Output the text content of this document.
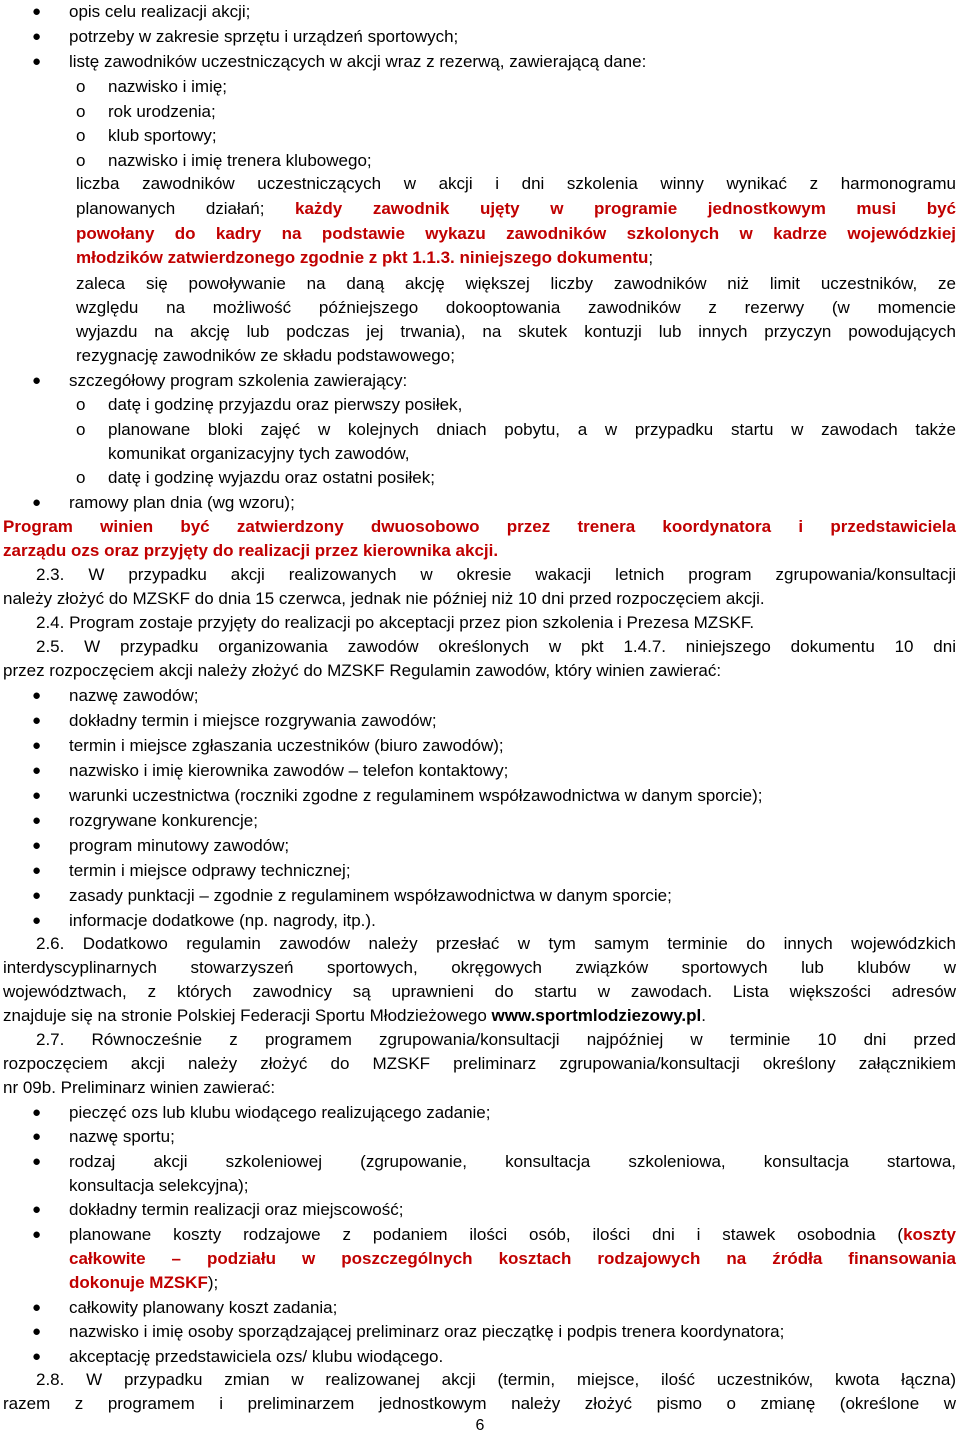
● opis celu realizacji akcji;
● potrzeby w zakresie sprzętu i urządzeń sportowych;
● listę zawodników uczestniczących w akcji wraz z rezerwą, zawierającą dane:
o nazwisko i imię;
o rok urodzenia;
o klub sportowy;
o nazwisko i imię trenera klubowego;
liczba zawodników uczestniczących w akcji i dni szkolenia winny wynikać z harmonogramu
planowanych działań; każdy zawodnik ujęty w programie jednostkowym musi być
powołany do kadry na podstawie wykazu zawodników szkolonych w kadrze wojewódzkiej
młodzików zatwierdzonego zgodnie z pkt 1.1.3. niniejszego dokumentu;
zaleca się powoływanie na daną akcję większej liczby zawodników niż limit uczestników, ze
względu na możliwość późniejszego dokooptowania zawodników z rezerwy (w momencie
wyjazdu na akcję lub podczas jej trwania), na skutek kontuzji lub innych przyczyn powodujących
rezygnację zawodników ze składu podstawowego;
● szczegółowy program szkolenia zawierający:
o datę i godzinę przyjazdu oraz pierwszy posiłek,
o planowane bloki zajęć w kolejnych dniach pobytu, a w przypadku startu w zawodach także
komunikat organizacyjny tych zawodów,
o datę i godzinę wyjazdu oraz ostatni posiłek;
● ramowy plan dnia (wg wzoru);
Program winien być zatwierdzony dwuosobowo przez trenera koordynatora i przedstawiciela
zarządu ozs oraz przyjęty do realizacji przez kierownika akcji.
2.3. W przypadku akcji realizowanych w okresie wakacji letnich program zgrupowania/konsultacji
należy złożyć do MZSKF do dnia 15 czerwca, jednak nie później niż 10 dni przed rozpoczęciem akcji.
2.4. Program zostaje przyjęty do realizacji po akceptacji przez pion szkolenia i Prezesa MZSKF.
2.5. W przypadku organizowania zawodów określonych w pkt 1.4.7. niniejszego dokumentu 10 dni
przez rozpoczęciem akcji należy złożyć do MZSKF Regulamin zawodów, który winien zawierać:
● nazwę zawodów;
● dokładny termin i miejsce rozgrywania zawodów;
● termin i miejsce zgłaszania uczestników (biuro zawodów);
● nazwisko i imię kierownika zawodów – telefon kontaktowy;
● warunki uczestnictwa (roczniki zgodne z regulaminem współzawodnictwa w danym sporcie);
● rozgrywane konkurencje;
● program minutowy zawodów;
● termin i miejsce odprawy technicznej;
● zasady punktacji – zgodnie z regulaminem współzawodnictwa w danym sporcie;
● informacje dodatkowe (np. nagrody, itp.).
2.6. Dodatkowo regulamin zawodów należy przesłać w tym samym terminie do innych wojewódzkich
interdyscyplinarnych stowarzyszeń sportowych, okręgowych związków sportowych lub klubów w
województwach, z których zawodnicy są uprawnieni do startu w zawodach. Lista większości adresów
znajduje się na stronie Polskiej Federacji Sportu Młodzieżowego www.sportmlodziezowy.pl.
2.7. Równocześnie z programem zgrupowania/konsultacji najpóźniej w terminie 10 dni przed
rozpoczęciem akcji należy złożyć do MZSKF preliminarz zgrupowania/konsultacji określony załącznikiem
nr 09b. Preliminarz winien zawierać:
● pieczęć ozs lub klubu wiodącego realizującego zadanie;
● nazwę sportu;
● rodzaj akcji szkoleniowej (zgrupowanie, konsultacja szkoleniowa, konsultacja startowa,
konsultacja selekcyjna);
● dokładny termin realizacji oraz miejscowość;
● planowane koszty rodzajowe z podaniem ilości osób, ilości dni i stawek osobodnia (koszty
całkowite – podziału w poszczególnych kosztach rodzajowych na źródła finansowania
dokonuje MZSKF);
● całkowity planowany koszt zadania;
● nazwisko i imię osoby sporządzającej preliminarz oraz pieczątkę i podpis trenera koordynatora;
● akceptację przedstawiciela ozs/ klubu wiodącego.
2.8. W przypadku zmian w realizowanej akcji (termin, miejsce, ilość uczestników, kwota łączna)
razem z programem i preliminarzem jednostkowym należy złożyć pismo o zmianę (określone w
6
